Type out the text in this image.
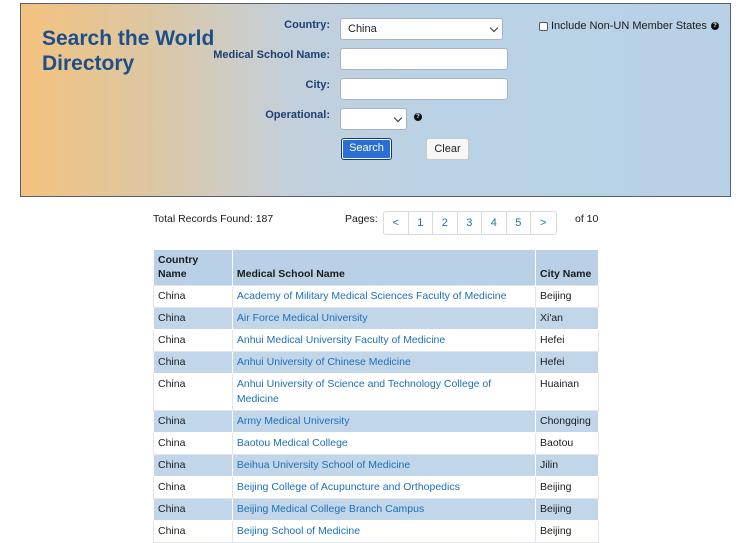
Search the World Directory
Country:
Medical School Name:
City:
Operational:
China
?
Include Non-UN Member States	?
Search	Clear
Total Records Found: 187	Pages:	<	1	2	3	4	5	>	of 10
Country Name	Medical School Name	City Name
China	Academy of Military Medical Sciences Faculty of Medicine	Beijing
China	Air Force Medical University	Xi'an
China	Anhui Medical University Faculty of Medicine	Hefei
China	Anhui University of Chinese Medicine	Hefei
China	Anhui University of Science and Technology College of Medicine	Huainan
China	Army Medical University	Chongqing
China	Baotou Medical College	Baotou
China	Beihua University School of Medicine	Jilin
China	Beijing College of Acupuncture and Orthopedics	Beijing
China	Beijing Medical College Branch Campus	Beijing
China	Beijing School of Medicine	Beijing
